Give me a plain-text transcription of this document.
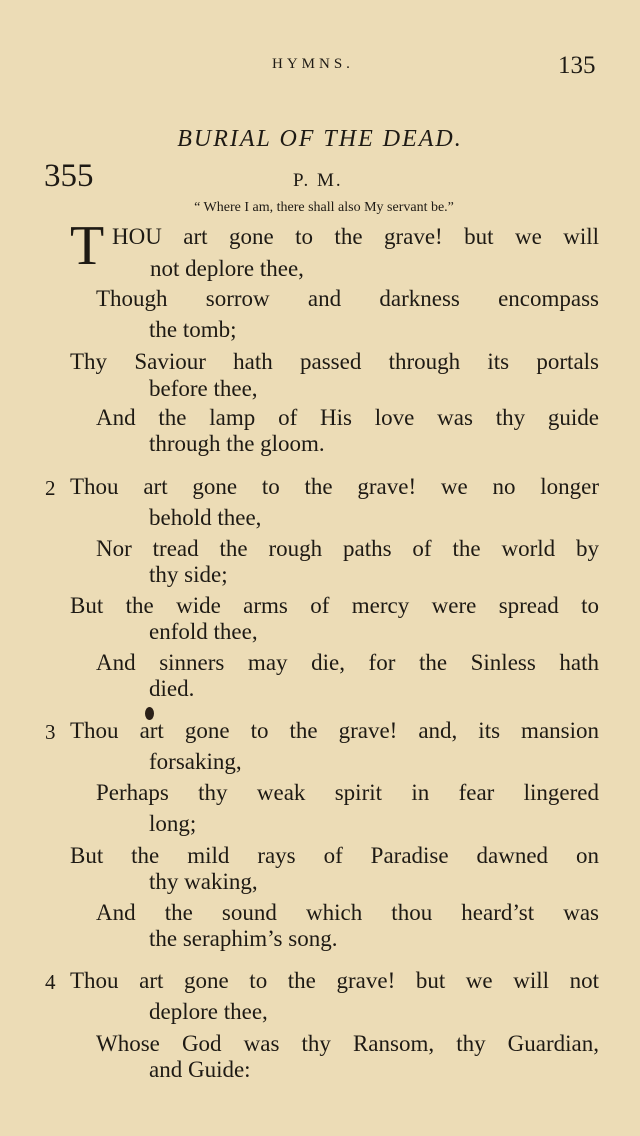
HYMNS.	135
BURIAL OF THE DEAD.
355	P. M.
“ Where I am, there shall also My servant be.”
T HOU art gone to the grave! but we will
not deplore thee,
Though sorrow and darkness encompass
the tomb;
Thy Saviour hath passed through its portals
before thee,
And the lamp of His love was thy guide
through the gloom.
2 Thou art gone to the grave! we no longer
behold thee,
Nor tread the rough paths of the world by
thy side;
But the wide arms of mercy were spread to
enfold thee,
And sinners may die, for the Sinless hath
died.
3 Thou art gone to the grave! and, its mansion
forsaking,
Perhaps thy weak spirit in fear lingered
long;
But the mild rays of Paradise dawned on
thy waking,
And the sound which thou heard’st was
the seraphim’s song.
4 Thou art gone to the grave! but we will not
deplore thee,
Whose God was thy Ransom, thy Guardian,
and Guide:
